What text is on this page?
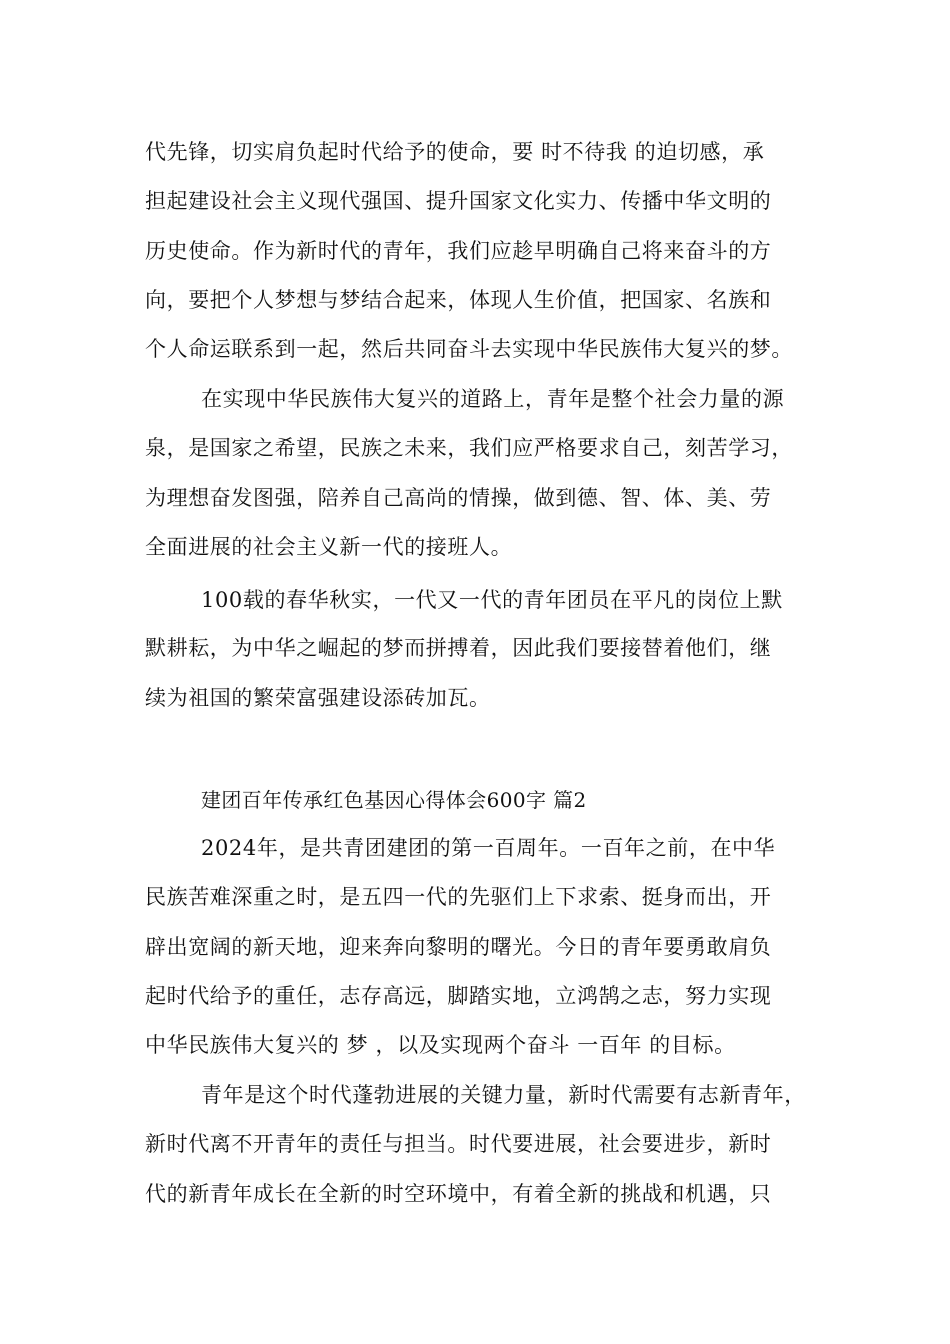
代先锋，切实肩负起时代给予的使命，要 时不待我 的迫切感，承
担起建设社会主义现代强国、提升国家文化实力、传播中华文明的
历史使命。作为新时代的青年，我们应趁早明确自己将来奋斗的方
向，要把个人梦想与梦结合起来，体现人生价值，把国家、名族和
个人命运联系到一起，然后共同奋斗去实现中华民族伟大复兴的梦。
在实现中华民族伟大复兴的道路上，青年是整个社会力量的源
泉，是国家之希望，民族之未来，我们应严格要求自己，刻苦学习，
为理想奋发图强，陪养自己高尚的情操，做到德、智、体、美、劳
全面进展的社会主义新一代的接班人。
100载的春华秋实，一代又一代的青年团员在平凡的岗位上默
默耕耘，为中华之崛起的梦而拼搏着，因此我们要接替着他们，继
续为祖国的繁荣富强建设添砖加瓦。
建团百年传承红色基因心得体会600字 篇2
2024年，是共青团建团的第一百周年。一百年之前，在中华
民族苦难深重之时，是五四一代的先驱们上下求索、挺身而出，开
辟出宽阔的新天地，迎来奔向黎明的曙光。今日的青年要勇敢肩负
起时代给予的重任，志存高远，脚踏实地，立鸿鹄之志，努力实现
中华民族伟大复兴的 梦 ，以及实现两个奋斗 一百年 的目标。
青年是这个时代蓬勃进展的关键力量，新时代需要有志新青年，
新时代离不开青年的责任与担当。时代要进展，社会要进步，新时
代的新青年成长在全新的时空环境中，有着全新的挑战和机遇，只
